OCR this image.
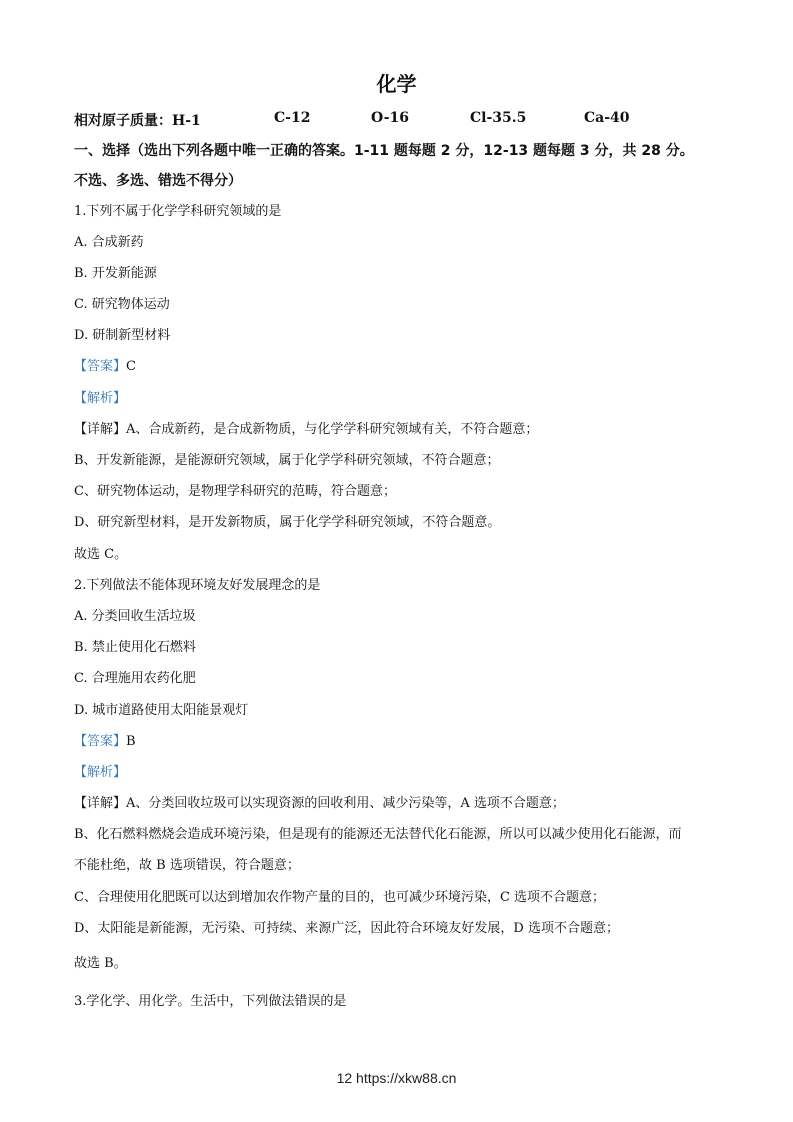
化学
相对原子质量：H-1	C-12	O-16	Cl-35.5	Ca-40
一、选择（选出下列各题中唯一正确的答案。1-11 题每题 2 分，12-13 题每题 3 分，共 28 分。
不选、多选、错选不得分）
1.下列不属于化学学科研究领域的是
A. 合成新药
B. 开发新能源
C. 研究物体运动
D. 研制新型材料
【答案】C
【解析】
【详解】A、合成新药，是合成新物质，与化学学科研究领域有关，不符合题意；
B、开发新能源，是能源研究领域，属于化学学科研究领域，不符合题意；
C、研究物体运动，是物理学科研究的范畴，符合题意；
D、研究新型材料，是开发新物质，属于化学学科研究领域，不符合题意。
故选 C。
2.下列做法不能体现环境友好发展理念的是
A. 分类回收生活垃圾
B. 禁止使用化石燃料
C. 合理施用农药化肥
D. 城市道路使用太阳能景观灯
【答案】B
【解析】
【详解】A、分类回收垃圾可以实现资源的回收利用、减少污染等，A 选项不合题意；
B、化石燃料燃烧会造成环境污染，但是现有的能源还无法替代化石能源，所以可以减少使用化石能源，而
不能杜绝，故 B 选项错误，符合题意；
C、合理使用化肥既可以达到增加农作物产量的目的，也可减少环境污染，C 选项不合题意；
D、太阳能是新能源，无污染、可持续、来源广泛，因此符合环境友好发展，D 选项不合题意；
故选 B。
3.学化学、用化学。生活中，下列做法错误的是
12 https://xkw88.cn
